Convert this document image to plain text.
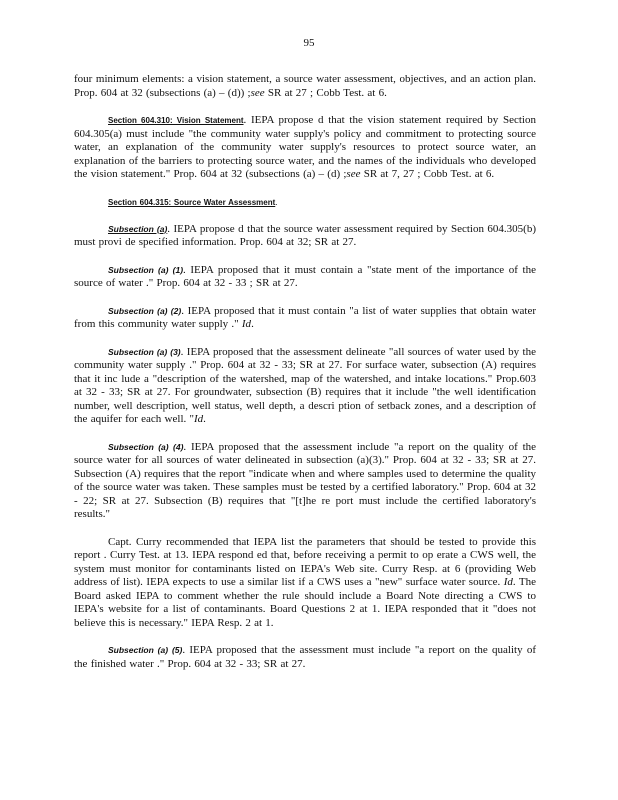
95

four minimum elements: a vision statement, a source water assessment, objectives, and an action plan. Prop. 604 at 32 (subsections (a) – (d)) ;see SR at 27 ; Cobb Test. at 6.

Section 604.310: Vision Statement. IEPA propose d that the vision statement required by Section 604.305(a) must include "the community water supply's policy and commitment to protecting source water, an explanation of the community water supply's resources to protect source water, an explanation of the barriers to protecting source water, and the names of the individuals who developed the vision statement." Prop. 604 at 32 (subsections (a) – (d) ;see SR at 7, 27 ; Cobb Test. at 6.

Section 604.315: Source Water Assessment.

Subsection (a). IEPA propose d that the source water assessment required by Section 604.305(b) must provi de specified information. Prop. 604 at 32; SR at 27.

Subsection (a) (1). IEPA proposed that it must contain a "state ment of the importance of the source of water ." Prop. 604 at 32 - 33 ; SR at 27.

Subsection (a) (2). IEPA proposed that it must contain "a list of water supplies that obtain water from this community water supply ." Id.

Subsection (a) (3). IEPA proposed that the assessment delineate "all sources of water used by the community water supply ." Prop. 604 at 32 - 33; SR at 27. For surface water, subsection (A) requires that it inc lude a "description of the watershed, map of the watershed, and intake locations." Prop.603 at 32 - 33; SR at 27. For groundwater, subsection (B) requires that it include "the well identification number, well description, well status, well depth, a descri ption of setback zones, and a description of the aquifer for each well. "Id.

Subsection (a) (4). IEPA proposed that the assessment include "a report on the quality of the source water for all sources of water delineated in subsection (a)(3)." Prop. 604 at 32 - 33; SR at 27. Subsection (A) requires that the report "indicate when and where samples used to determine the quality of the source water was taken. These samples must be tested by a certified laboratory." Prop. 604 at 32 - 22; SR at 27. Subsection (B) requires that "[t]he re port must include the certified laboratory's results."

Capt. Curry recommended that IEPA list the parameters that should be tested to provide this report . Curry Test. at 13. IEPA respond ed that, before receiving a permit to op erate a CWS well, the system must monitor for contaminants listed on IEPA's Web site. Curry Resp. at 6 (providing Web address of list). IEPA expects to use a similar list if a CWS uses a "new" surface water source. Id. The Board asked IEPA to comment whether the rule should include a Board Note directing a CWS to IEPA's website for a list of contaminants. Board Questions 2 at 1. IEPA responded that it "does not believe this is necessary." IEPA Resp. 2 at 1.

Subsection (a) (5). IEPA proposed that the assessment must include "a report on the quality of the finished water ." Prop. 604 at 32 - 33; SR at 27.
